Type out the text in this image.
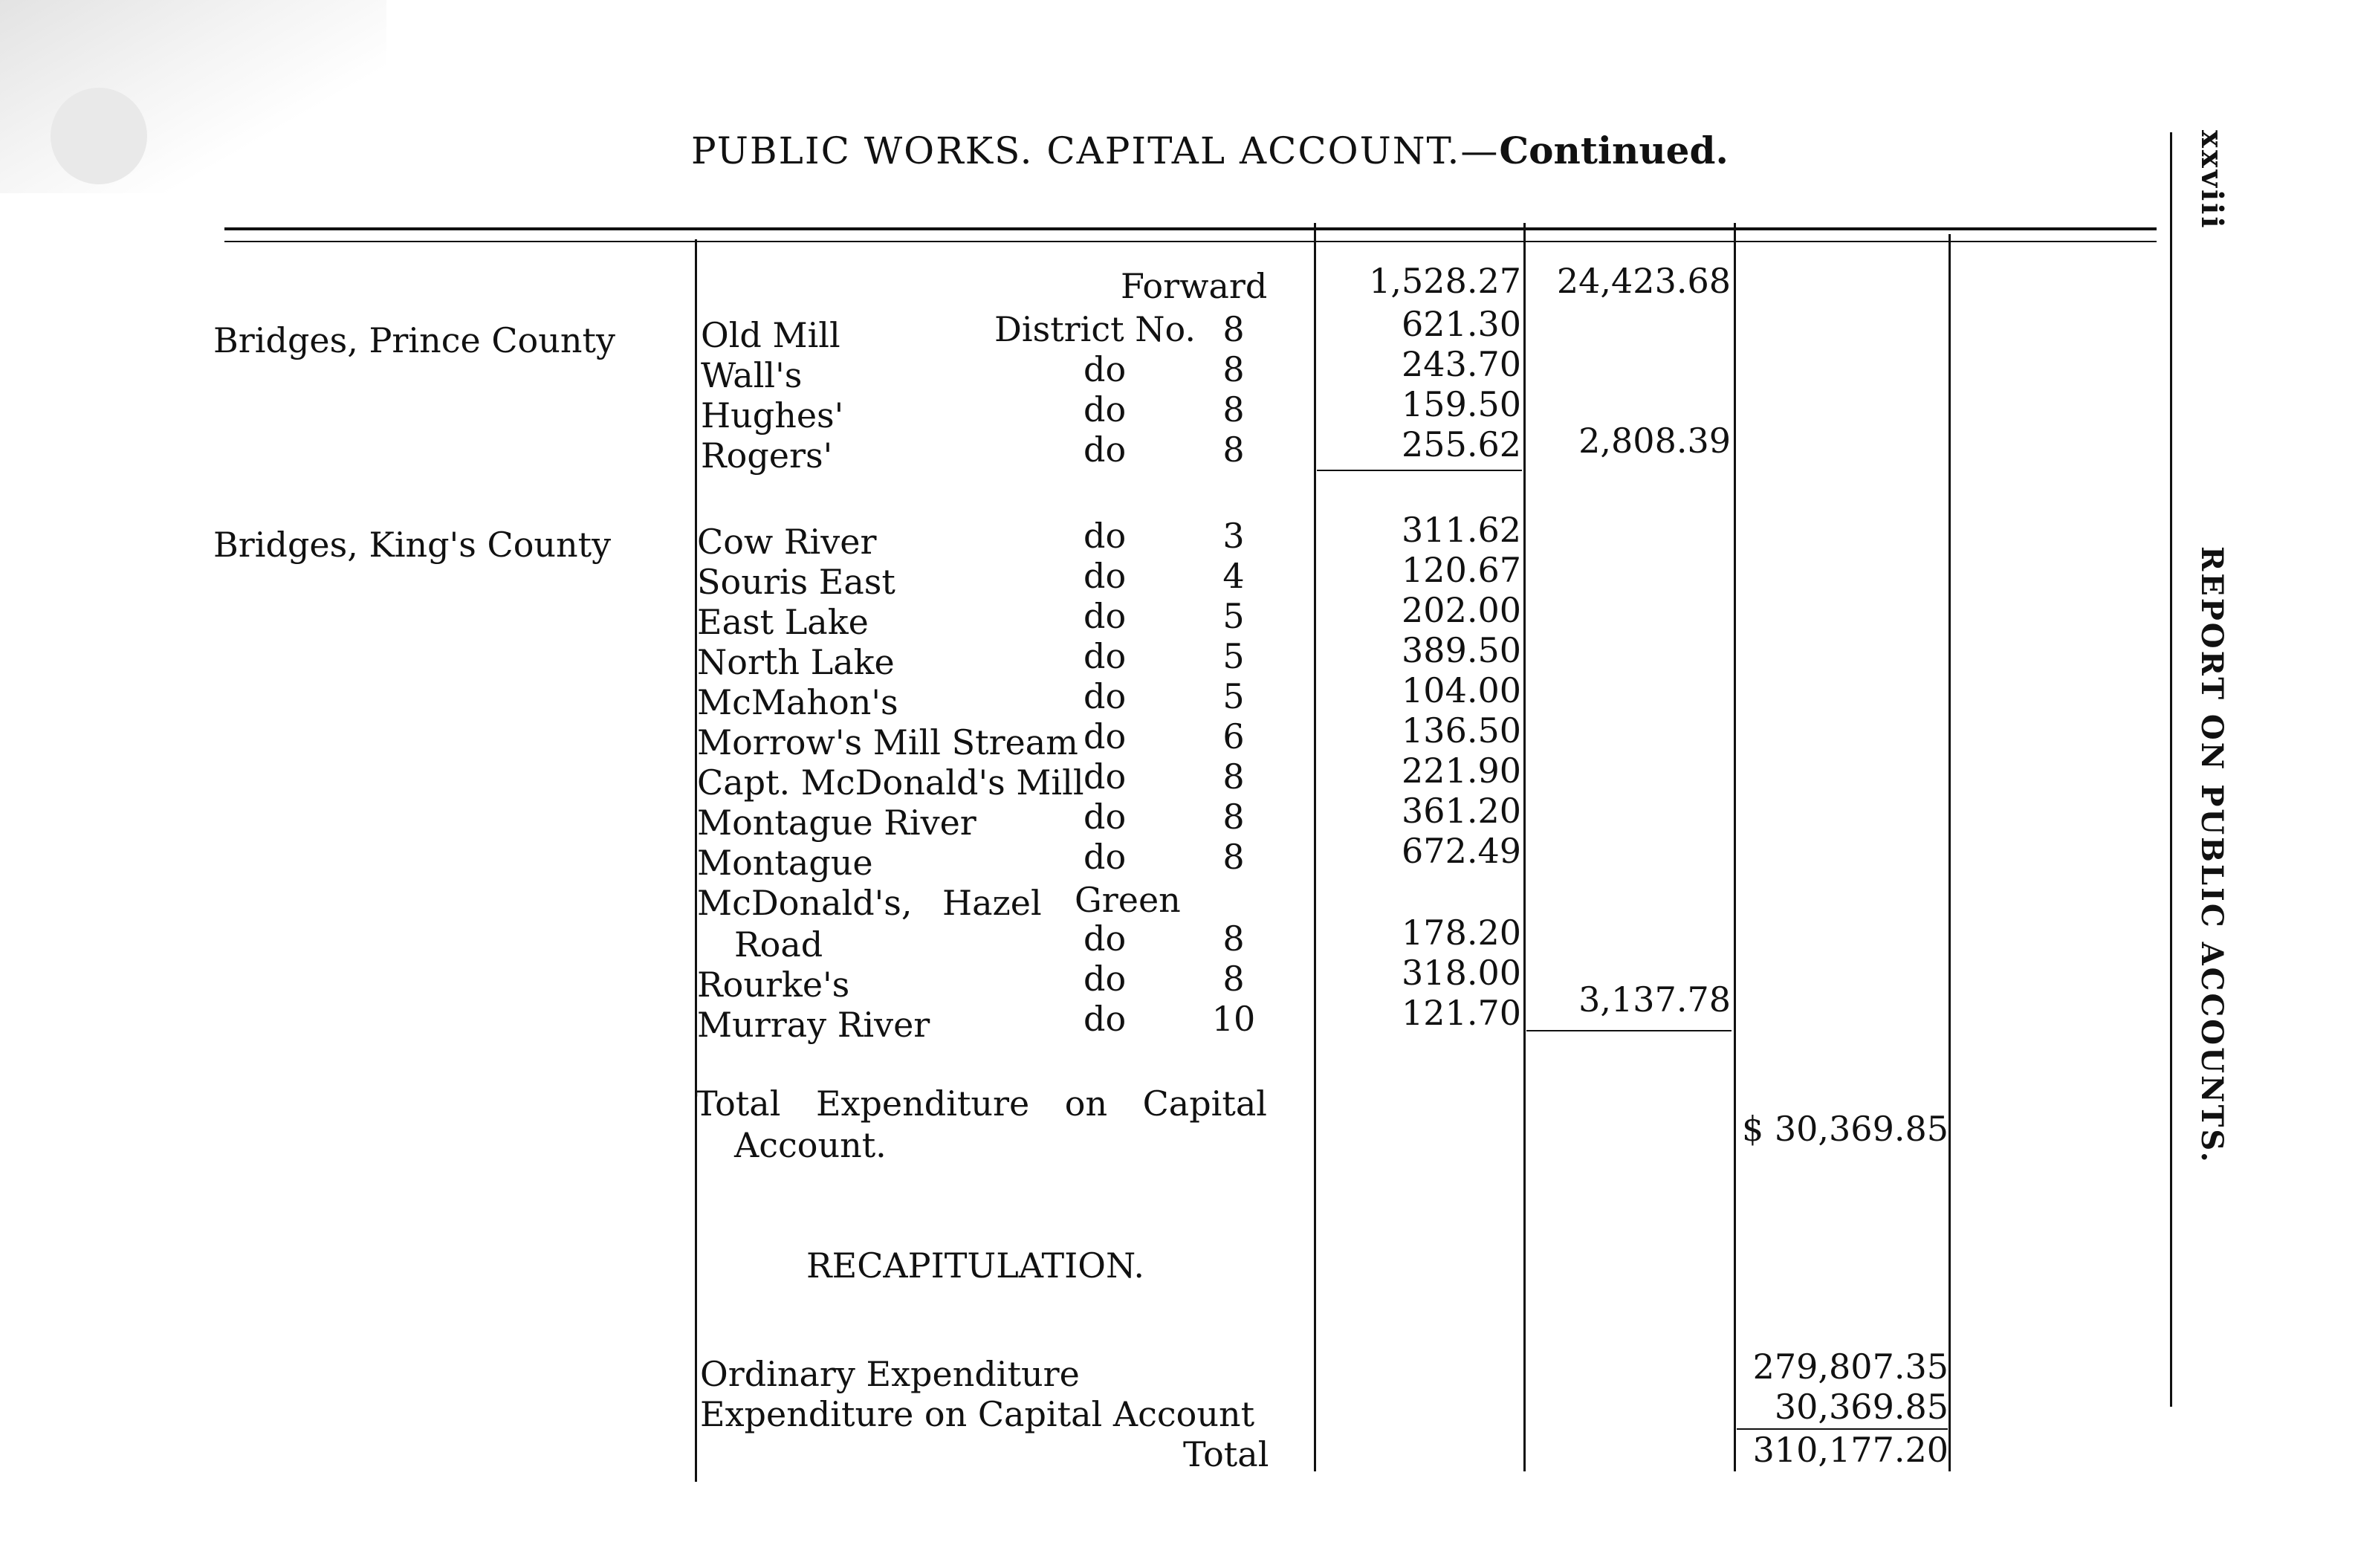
PUBLIC WORKS. CAPITAL ACCOUNT.—Continued.	xxviii
REPORT ON PUBLIC ACCOUNTS.
Forward	1,528.27	24,423.68
Bridges, Prince County	Old Mill	District No. 8	621.30
Wall's	do	8	243.70
Hughes'	do	8	159.50
Rogers'	do	8	255.62	2,808.39
Bridges, King's County	Cow River	do	3	311.62
Souris East	do	4	120.67
East Lake	do	5	202.00
North Lake	do	5	389.50
McMahon's	do	5	104.00
Morrow's Mill Stream do	6	136.50
Capt. McDonald's Mill do	8	221.90
Montague River	do	8	361.20
Montague	do	8	672.49
McDonald's, Hazel Green
Road	do	8	178.20
Rourke's	do	8	318.00
Murray River	do	10	121.70	3,137.78
Total Expenditure on Capital
Account.	$ 30,369.85
RECAPITULATION.
Ordinary Expenditure	279,807.35
Expenditure on Capital Account	30,369.85
Total	310,177.20
